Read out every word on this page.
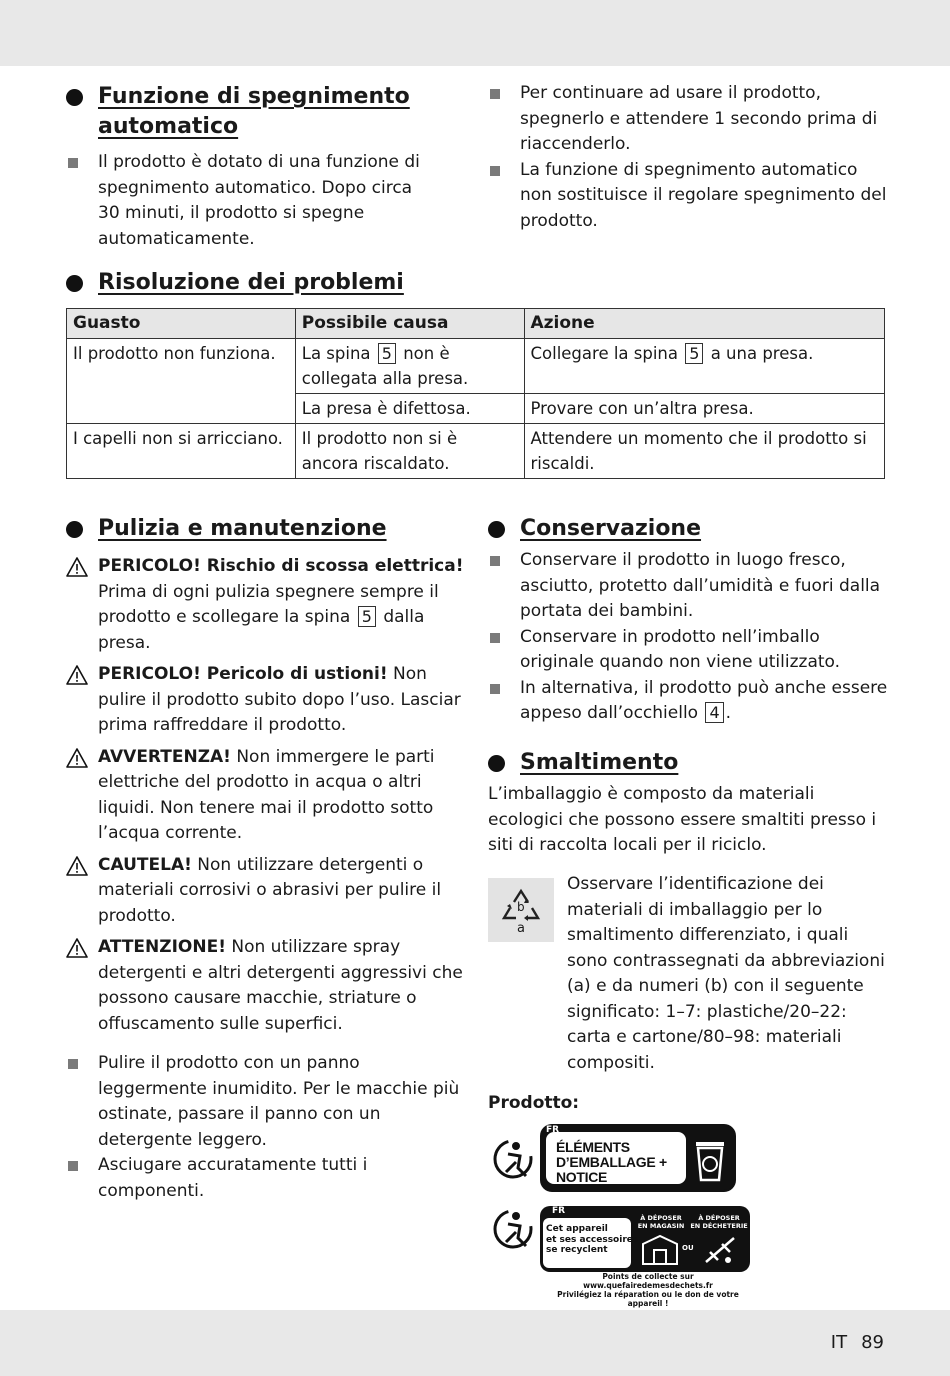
Funzione di spegnimento
automatico
Il prodotto è dotato di una funzione di spegnimento automatico. Dopo circa 30 minuti, il prodotto si spegne automaticamente.
Per continuare ad usare il prodotto, spegnerlo e attendere 1 secondo prima di riaccenderlo.
La funzione di spegnimento automatico non sostituisce il regolare spegnimento del prodotto.
Risoluzione dei problemi
Guasto	Possibile causa	Azione
Il prodotto non funziona.	La spina 5 non è collegata alla presa.	Collegare la spina 5 a una presa.
	La presa è difettosa.	Provare con un’altra presa.
I capelli non si arricciano.	Il prodotto non si è ancora riscaldato.	Attendere un momento che il prodotto si riscaldi.
Pulizia e manutenzione
PERICOLO! Rischio di scossa elettrica! Prima di ogni pulizia spegnere sempre il prodotto e scollegare la spina 5 dalla presa.
PERICOLO! Pericolo di ustioni! Non pulire il prodotto subito dopo l’uso. Lasciar prima raffreddare il prodotto.
AVVERTENZA! Non immergere le parti elettriche del prodotto in acqua o altri liquidi. Non tenere mai il prodotto sotto l’acqua corrente.
CAUTELA! Non utilizzare detergenti o materiali corrosivi o abrasivi per pulire il prodotto.
ATTENZIONE! Non utilizzare spray detergenti e altri detergenti aggressivi che possono causare macchie, striature o offuscamento sulle superfici.
Pulire il prodotto con un panno leggermente inumidito. Per le macchie più ostinate, passare il panno con un detergente leggero.
Asciugare accuratamente tutti i componenti.
Conservazione
Conservare il prodotto in luogo fresco, asciutto, protetto dall’umidità e fuori dalla portata dei bambini.
Conservare in prodotto nell’imballo originale quando non viene utilizzato.
In alternativa, il prodotto può anche essere appeso dall’occhiello 4 .
Smaltimento
L’imballaggio è composto da materiali ecologici che possono essere smaltiti presso i siti di raccolta locali per il riciclo.
b
a
Osservare l’identificazione dei materiali di imballaggio per lo smaltimento differenziato, i quali sono contrassegnati da abbreviazioni (a) e da numeri (b) con il seguente significato: 1–7: plastiche/20–22: carta e cartone/80–98: materiali compositi.
Prodotto:
FR
ÉLÉMENTS
D’EMBALLAGE +
NOTICE
FR
Cet appareil
et ses accessoires
se recyclent
À DÉPOSER
EN MAGASIN
À DÉPOSER
EN DÉCHETERIE
OU
Points de collecte sur www.quefairedemesdechets.fr
Privilégiez la réparation ou le don de votre appareil !
IT 89
